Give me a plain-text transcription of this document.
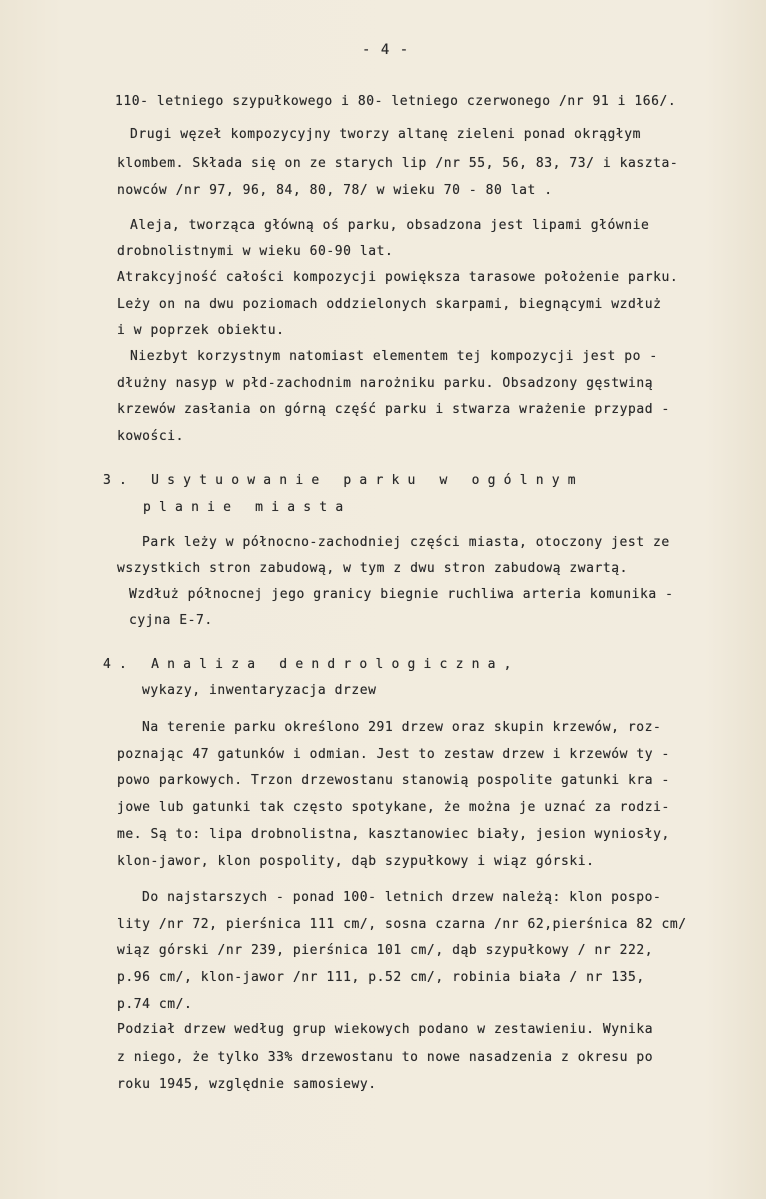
- 4 -
110- letniego szypułkowego i 80- letniego czerwonego /nr 91 i 166/.
Drugi węzeł kompozycyjny tworzy altanę zieleni ponad okrągłym
klombem. Składa się on ze starych lip /nr 55, 56, 83, 73/ i kaszta-
nowców /nr 97, 96, 84, 80, 78/ w wieku 70 - 80 lat .
Aleja, tworząca główną oś parku, obsadzona jest lipami głównie
drobnolistnymi w wieku 60-90 lat.
Atrakcyjność całości kompozycji powiększa tarasowe położenie parku.
Leży on na dwu poziomach oddzielonych skarpami, biegnącymi wzdłuż
i w poprzek obiektu.
Niezbyt korzystnym natomiast elementem tej kompozycji jest po -
dłużny nasyp w płd-zachodnim narożniku parku. Obsadzony gęstwiną
krzewów zasłania on górną część parku i stwarza wrażenie przypad -
kowości.
3. Usytuowanie parku w ogólnym
planie miasta
Park leży w północno-zachodniej części miasta, otoczony jest ze
wszystkich stron zabudową, w tym z dwu stron zabudową zwartą.
Wzdłuż północnej jego granicy biegnie ruchliwa arteria komunika -
cyjna E-7.
4. Analiza dendrologiczna,
wykazy, inwentaryzacja drzew
Na terenie parku określono 291 drzew oraz skupin krzewów, roz-
poznając 47 gatunków i odmian. Jest to zestaw drzew i krzewów ty -
powo parkowych. Trzon drzewostanu stanowią pospolite gatunki kra -
jowe lub gatunki tak często spotykane, że można je uznać za rodzi-
me. Są to: lipa drobnolistna, kasztanowiec biały, jesion wyniosły,
klon-jawor, klon pospolity, dąb szypułkowy i wiąz górski.
Do najstarszych - ponad 100- letnich drzew należą: klon pospo-
lity /nr 72, pierśnica 111 cm/, sosna czarna /nr 62,pierśnica 82 cm/
wiąz górski /nr 239, pierśnica 101 cm/, dąb szypułkowy / nr 222,
p.96 cm/, klon-jawor /nr 111, p.52 cm/, robinia biała / nr 135,
p.74 cm/.
Podział drzew według grup wiekowych podano w zestawieniu. Wynika
z niego, że tylko 33% drzewostanu to nowe nasadzenia z okresu po
roku 1945, względnie samosiewy.
